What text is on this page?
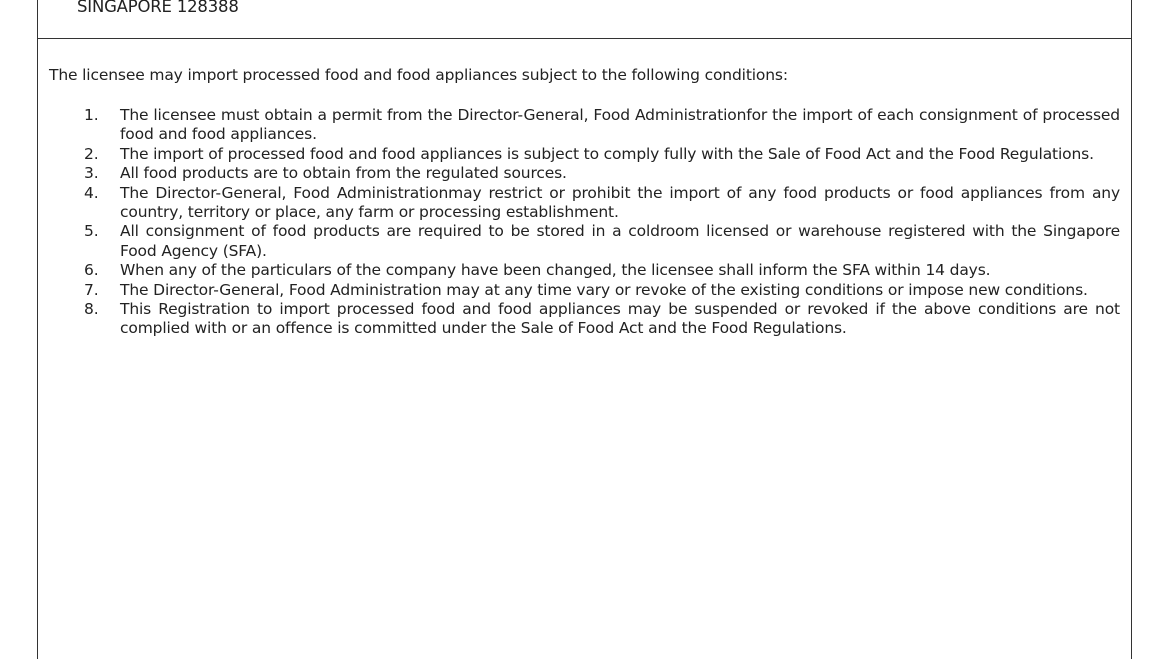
SINGAPORE 128388
The licensee may import processed food and food appliances subject to the following conditions:
1. The licensee must obtain a permit from the Director-General, Food Administrationfor the import of each consignment of processed food and food appliances.
2. The import of processed food and food appliances is subject to comply fully with the Sale of Food Act and the Food Regulations.
3. All food products are to obtain from the regulated sources.
4. The Director-General, Food Administrationmay restrict or prohibit the import of any food products or food appliances from any country, territory or place, any farm or processing establishment.
5. All consignment of food products are required to be stored in a coldroom licensed or warehouse registered with the Singapore Food Agency (SFA).
6. When any of the particulars of the company have been changed, the licensee shall inform the SFA within 14 days.
7. The Director-General, Food Administration may at any time vary or revoke of the existing conditions or impose new conditions.
8. This Registration to import processed food and food appliances may be suspended or revoked if the above conditions are not complied with or an offence is committed under the Sale of Food Act and the Food Regulations.
